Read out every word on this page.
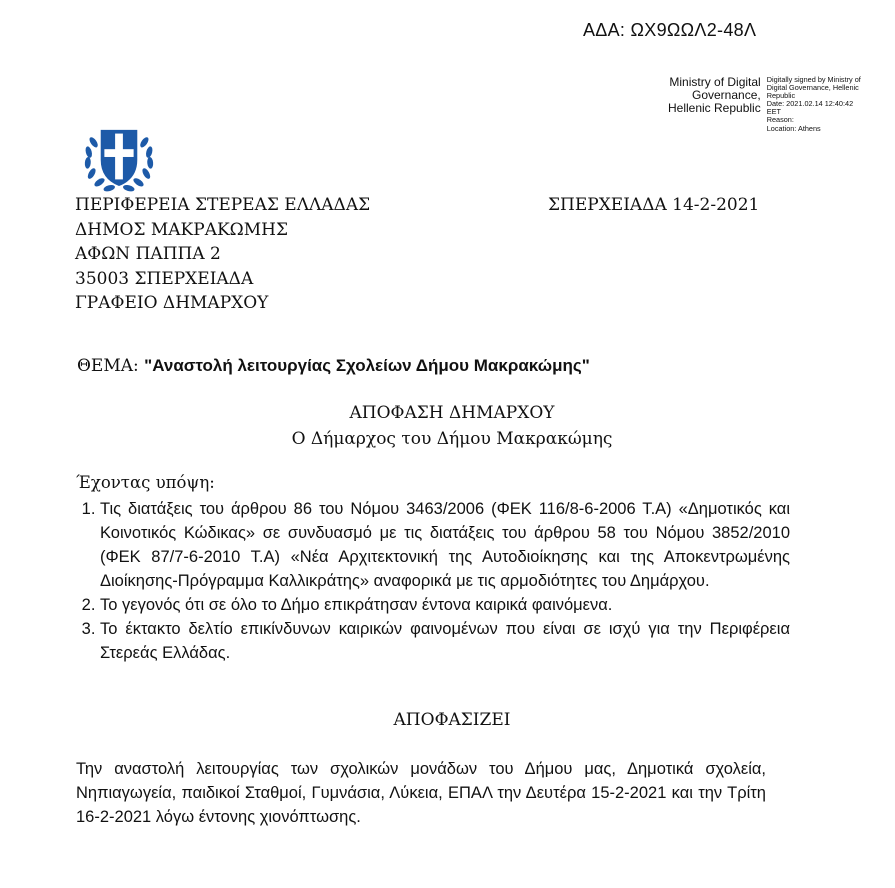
ΑΔΑ: ΩΧ9ΩΩΛ2-48Λ
Ministry of Digital
Governance,
Hellenic Republic
Digitally signed by Ministry of
Digital Governance, Hellenic
Republic
Date: 2021.02.14 12:40:42
EET
Reason:
Location: Athens
ΠΕΡΙΦΕΡΕΙΑ ΣΤΕΡΕΑΣ ΕΛΛΑΔΑΣ
ΔΗΜΟΣ ΜΑΚΡΑΚΩΜΗΣ
ΑΦΩΝ ΠΑΠΠΑ 2
35003 ΣΠΕΡΧΕΙΑΔΑ
ΓΡΑΦΕΙΟ ΔΗΜΑΡΧΟΥ
ΣΠΕΡΧΕΙΑΔΑ 14-2-2021
ΘΕΜΑ: "Αναστολή λειτουργίας Σχολείων Δήμου Μακρακώμης"
ΑΠΟΦΑΣΗ ΔΗΜΑΡΧΟΥ
Ο Δήμαρχος του Δήμου Μακρακώμης
Έχοντας υπόψη:
1. Τις διατάξεις του άρθρου 86 του Νόμου 3463/2006 (ΦΕΚ 116/8-6-2006 Τ.Α) «Δημοτικός και Κοινοτικός Κώδικας» σε συνδυασμό με τις διατάξεις του άρθρου 58 του Νόμου 3852/2010 (ΦΕΚ 87/7-6-2010 Τ.Α) «Νέα Αρχιτεκτονική της Αυτοδιοίκησης και της Αποκεντρωμένης Διοίκησης-Πρόγραμμα Καλλικράτης» αναφορικά με τις αρμοδιότητες του Δημάρχου.
2. Το γεγονός ότι σε όλο το Δήμο επικράτησαν έντονα καιρικά φαινόμενα.
3. Το έκτακτο δελτίο επικίνδυνων καιρικών φαινομένων που είναι σε ισχύ για την Περιφέρεια Στερεάς Ελλάδας.
ΑΠΟΦΑΣΙΖΕΙ
Την αναστολή λειτουργίας των σχολικών μονάδων του Δήμου μας, Δημοτικά σχολεία, Νηπιαγωγεία, παιδικοί Σταθμοί, Γυμνάσια, Λύκεια, ΕΠΑΛ την Δευτέρα 15-2-2021 και την Τρίτη 16-2-2021 λόγω έντονης χιονόπτωσης.
